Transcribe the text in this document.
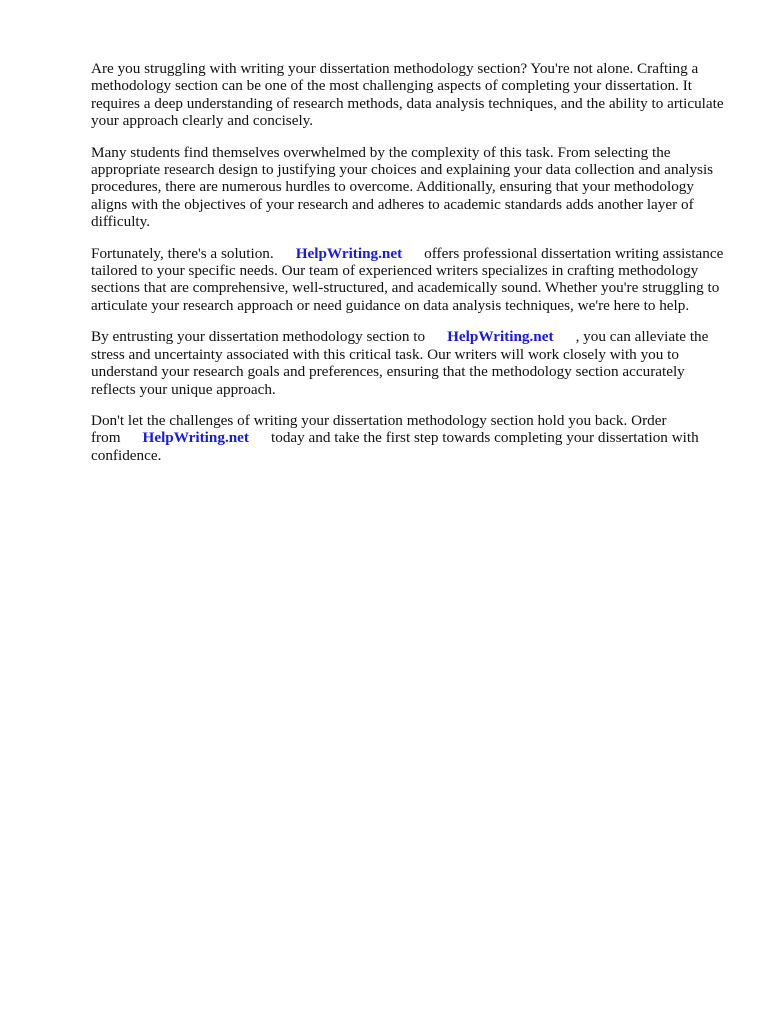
Are you struggling with writing your dissertation methodology section? You're not alone. Crafting a methodology section can be one of the most challenging aspects of completing your dissertation. It requires a deep understanding of research methods, data analysis techniques, and the ability to articulate your approach clearly and concisely.

Many students find themselves overwhelmed by the complexity of this task. From selecting the appropriate research design to justifying your choices and explaining your data collection and analysis procedures, there are numerous hurdles to overcome. Additionally, ensuring that your methodology aligns with the objectives of your research and adheres to academic standards adds another layer of difficulty.

Fortunately, there's a solution. HelpWriting.net offers professional dissertation writing assistance tailored to your specific needs. Our team of experienced writers specializes in crafting methodology sections that are comprehensive, well-structured, and academically sound. Whether you're struggling to articulate your research approach or need guidance on data analysis techniques, we're here to help.

By entrusting your dissertation methodology section to HelpWriting.net , you can alleviate the stress and uncertainty associated with this critical task. Our writers will work closely with you to understand your research goals and preferences, ensuring that the methodology section accurately reflects your unique approach.

Don't let the challenges of writing your dissertation methodology section hold you back. Order from HelpWriting.net today and take the first step towards completing your dissertation with confidence.
